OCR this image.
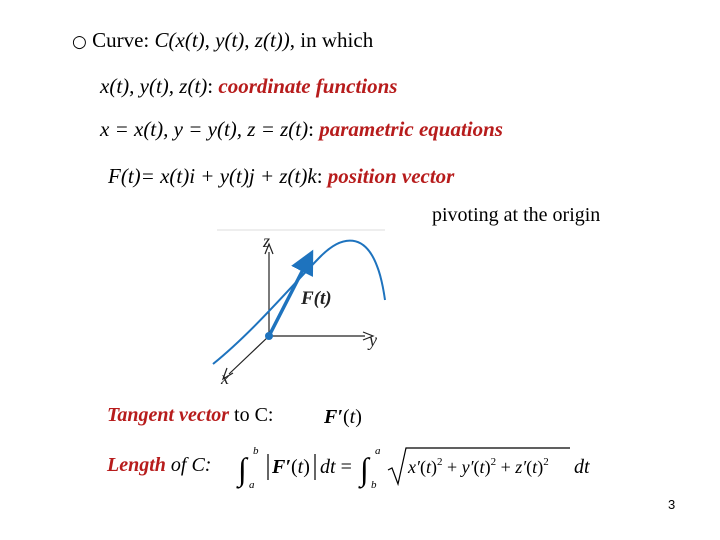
○ Curve: C(x(t), y(t), z(t)), in which
x(t), y(t), z(t): coordinate functions
x = x(t), y = y(t), z = z(t): parametric equations
F(t)= x(t)i + y(t)j + z(t)k: position vector
pivoting at the origin
z
y
x
F(t)
Tangent vector to C:	F′(t)
Length of C: ∫ b
a
F′(t) dt = ∫ a
b
$x'(t)^2 + y'(t)^2 + z'(t)^2$ dt
3
